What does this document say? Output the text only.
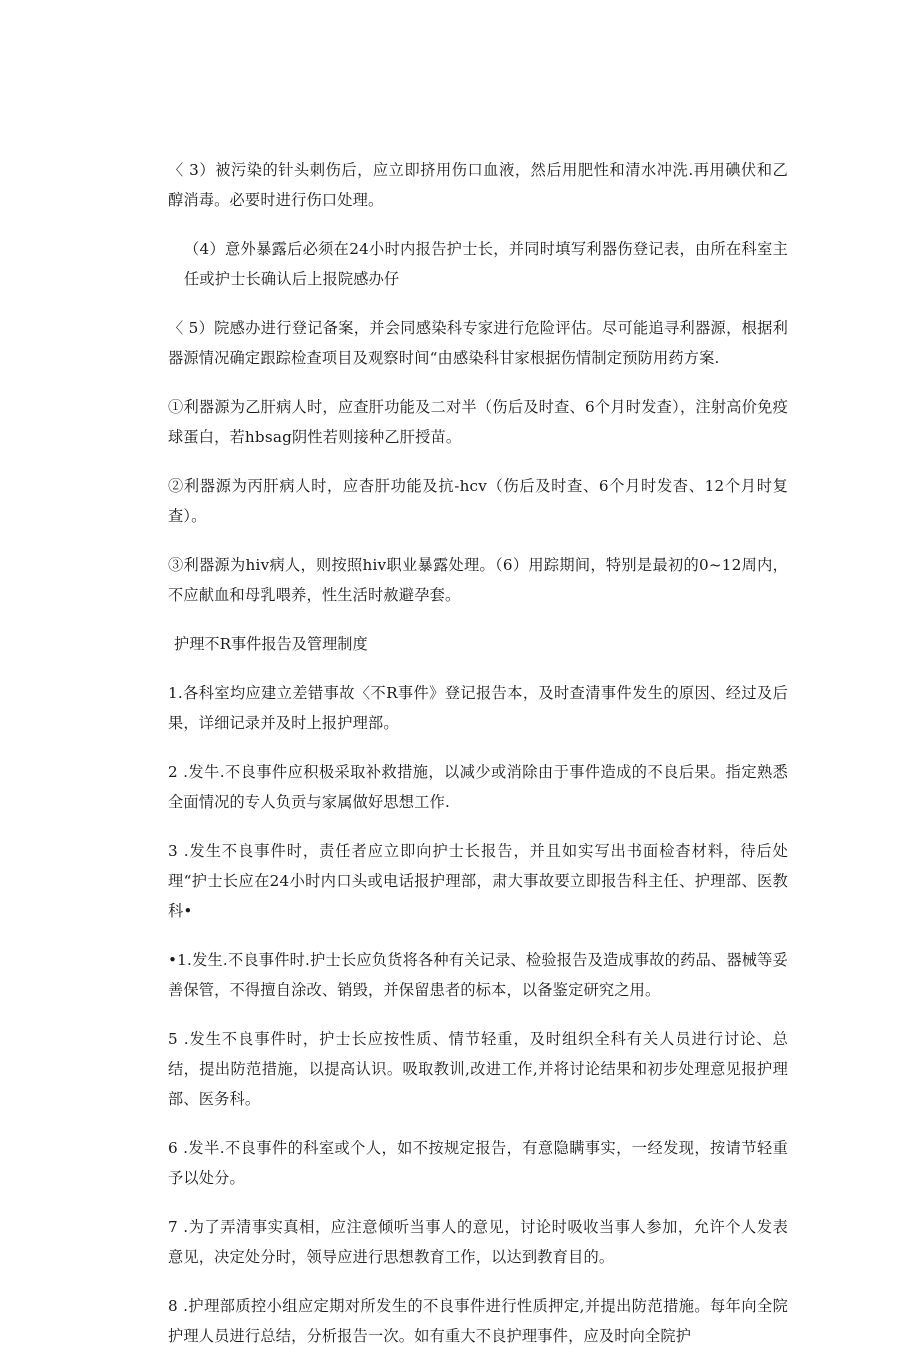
〈 3）被污染的针头刺伤后，应立即挤用伤口血液，然后用肥性和清水冲洗.再用碘伏和乙醇消毒。必要时进行伤口处理。

（4）意外暴露后必须在24小时内报告护士长，并同时填写利器伤登记表，由所在科室主任或护士长确认后上报院感办仔

〈 5）院感办进行登记备案，并会同感染科专家进行危险评估。尽可能追寻利器源，根据利器源情况确定跟踪检查项目及观察时间“由感染科甘家根据伤情制定预防用药方案.

①利器源为乙肝病人时，应查肝功能及二对半（伤后及时查、6个月时发查），注射高价免疫球蛋白，若hbsag阴性若则接种乙肝授苗。

②利器源为丙肝病人时，应杳肝功能及抗-hcv（伤后及时查、6个月时发杳、12个月时复查）。

③利器源为hiv病人，则按照hiv职业暴露处理。（6）用踪期间，特别是最初的0~12周内，不应献血和母乳喂养，性生活时赦避孕套。

护理不R事件报告及管理制度

1.各科室均应建立差错事故〈不R事件》登记报告本，及时查清事件发生的原因、经过及后果，详细记录并及时上报护理部。

2 .发牛.不良事件应积极采取补救措施，以减少或消除由于事件造成的不良后果。指定熟悉全面情况的专人负贡与家属做好思想工作.

3 .发生不良事件时，责任者应立即向护士长报告，并且如实写出书面检杳材料，待后处理“护士长应在24小时内口头或电话报护理部，肃大事故要立即报告科主任、护理部、医教科•

•1.发生.不良事件时.护士长应负货将各种有关记录、检验报告及造成事故的药品、器械等妥善保管，不得擅自涂改、销毁，并保留患者的标本，以备鉴定研究之用。

5 .发生不良事件时，护士长应按性质、情节轻重，及时组织全科有关人员进行讨论、总结，提出防范措施，以提高认识。吸取教训,改进工作,并将讨论结果和初步处理意见报护理部、医务科。

6 .发半.不良事件的科室或个人，如不按规定报告，有意隐瞒事实，一经发现，按请节轻重予以处分。

7 .为了弄清事实真相，应注意倾听当事人的意见，讨论时吸收当事人参加，允许个人发表意见，决定处分时，领导应进行思想教育工作，以达到教育目的。

8 .护理部质控小组应定期对所发生的不良事件进行性质押定,并提出防范措施。每年向全院护理人员进行总结，分析报告一次。如有重大不良护理事件，应及时向全院护
